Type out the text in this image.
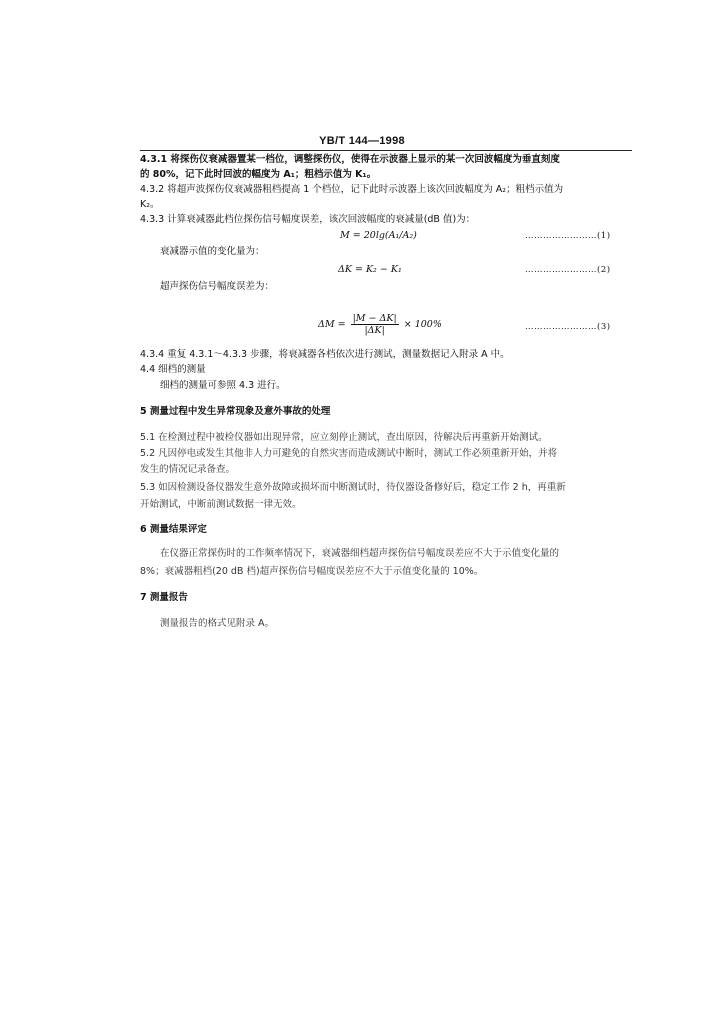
YB/T 144—1998
4.3.1 将探伤仪衰减器置某一档位，调整探伤仪，使得在示波器上显示的某一次回波幅度为垂直刻度
的 80%，记下此时回波的幅度为 A₁；粗档示值为 K₁。
4.3.2 将超声波探伤仪衰减器粗档提高 1 个档位，记下此时示波器上该次回波幅度为 A₂；粗档示值为
K₂。
4.3.3 计算衰减器此档位探伤信号幅度误差，该次回波幅度的衰减量(dB 值)为：
M = 20lg(A₁/A₂)	……………………(1)
衰减器示值的变化量为：
ΔK = K₂ − K₁	……………………(2)
超声探伤信号幅度误差为：
$\Delta M = \frac{|M - \Delta K|}{|\Delta K|} \times 100\%$	……………………(3)
4.3.4 重复 4.3.1～4.3.3 步骤，将衰减器各档依次进行测试，测量数据记入附录 A 中。
4.4 细档的测量
细档的测量可参照 4.3 进行。
5 测量过程中发生异常现象及意外事故的处理
5.1 在检测过程中被检仪器如出现异常，应立刻停止测试，查出原因，待解决后再重新开始测试。
5.2 凡因停电或发生其他非人力可避免的自然灾害而造成测试中断时，测试工作必须重新开始，并将
发生的情况记录备查。
5.3 如因检测设备仪器发生意外故障或损坏而中断测试时，待仪器设备修好后，稳定工作 2 h，再重新
开始测试，中断前测试数据一律无效。
6 测量结果评定
在仪器正常探伤时的工作频率情况下，衰减器细档超声探伤信号幅度误差应不大于示值变化量的
8%；衰减器粗档(20 dB 档)超声探伤信号幅度误差应不大于示值变化量的 10%。
7 测量报告
测量报告的格式见附录 A。
